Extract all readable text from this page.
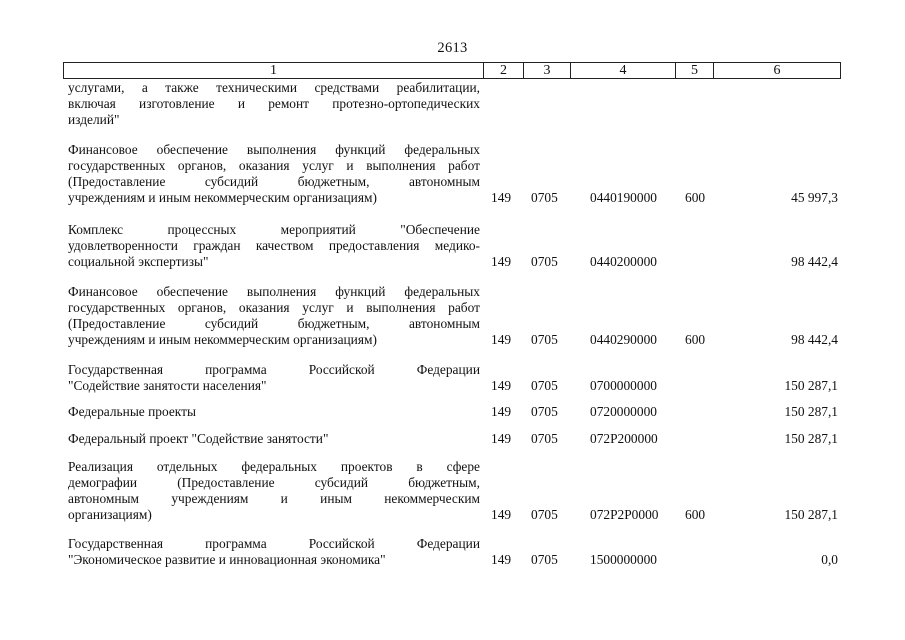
2613
1	2	3	4	5	6
услугами, а также техническими средствами реабилитации,
включая изготовление и ремонт протезно-ортопедических
изделий"
Финансовое обеспечение выполнения функций федеральных
государственных органов, оказания услуг и выполнения работ
(Предоставление субсидий бюджетным, автономным
учреждениям и иным некоммерческим организациям)	149 0705 0440190000 600	45 997,3
Комплекс процессных мероприятий "Обеспечение
удовлетворенности граждан качеством предоставления медико-
социальной экспертизы"	149 0705 0440200000	98 442,4
Финансовое обеспечение выполнения функций федеральных
государственных органов, оказания услуг и выполнения работ
(Предоставление субсидий бюджетным, автономным
учреждениям и иным некоммерческим организациям)	149 0705 0440290000 600	98 442,4
Государственная программа Российской Федерации
"Содействие занятости населения"	149 0705 0700000000	150 287,1
Федеральные проекты	149 0705 0720000000	150 287,1
Федеральный проект "Содействие занятости"	149 0705 072P200000	150 287,1
Реализация отдельных федеральных проектов в сфере
демографии (Предоставление субсидий бюджетным,
автономным учреждениям и иным некоммерческим
организациям)	149 0705 072P2P0000 600	150 287,1
Государственная программа Российской Федерации
"Экономическое развитие и инновационная экономика"	149 0705 1500000000	0,0
